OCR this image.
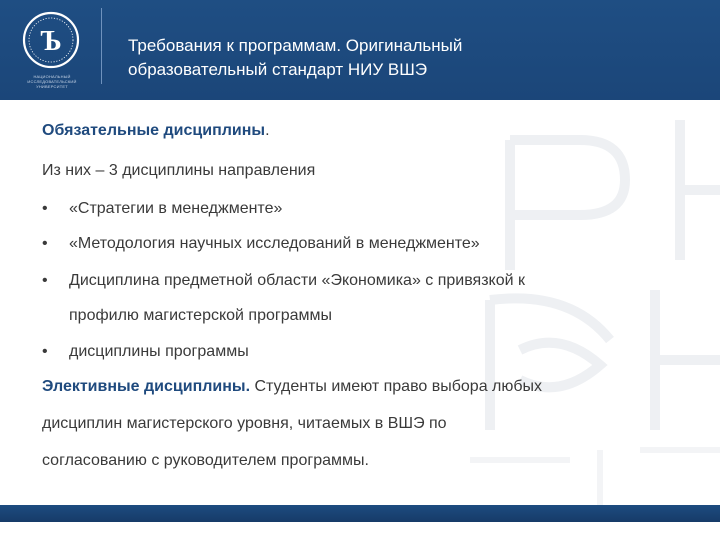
Ъ
НАЦИОНАЛЬНЫЙ ИССЛЕДОВАТЕЛЬСКИЙ
УНИВЕРСИТЕТ
Требования к программам. Оригинальный
образовательный стандарт НИУ ВШЭ
Обязательные дисциплины.
Из них – 3 дисциплины направления
•	«Стратегии в менеджменте»
•	«Методология научных исследований в менеджменте»
•	Дисциплина предметной области «Экономика» с привязкой к
профилю магистерской программы
•	дисциплины программы
Элективные дисциплины. Студенты имеют право выбора любых
дисциплин магистерского уровня, читаемых в ВШЭ по
согласованию с руководителем программы.
